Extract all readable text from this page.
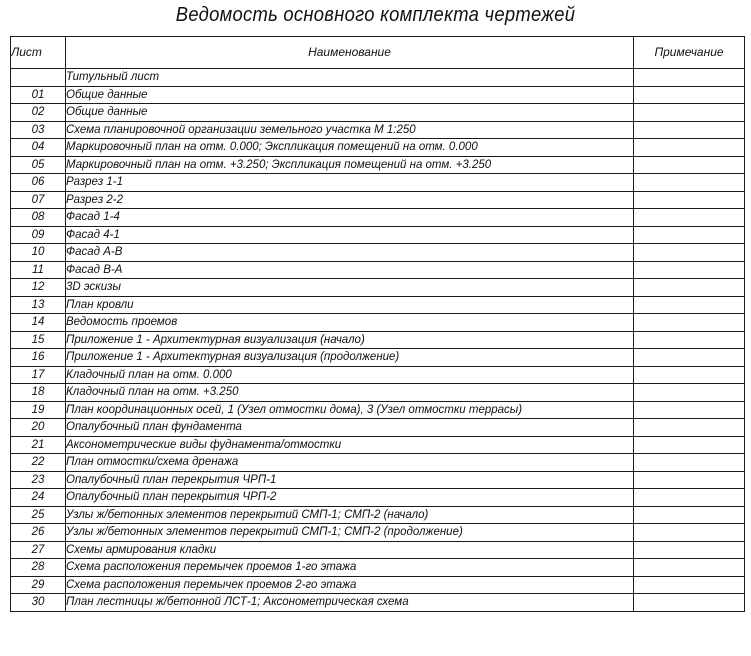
Ведомость основного комплекта чертежей
Лист	Наименование	Примечание
	Титульный лист	
01	Общие данные	
02	Общие данные	
03	Схема планировочной организации земельного участка М 1:250	
04	Маркировочный план на отм. 0.000; Экспликация помещений на отм. 0.000	
05	Маркировочный план на отм. +3.250; Экспликация помещений на отм. +3.250	
06	Разрез 1-1	
07	Разрез 2-2	
08	Фасад 1-4	
09	Фасад 4-1	
10	Фасад А-В	
11	Фасад В-А	
12	3D эскизы	
13	План кровли	
14	Ведомость проемов	
15	Приложение 1 - Архитектурная визуализация (начало)	
16	Приложение 1 - Архитектурная визуализация (продолжение)	
17	Кладочный план на отм. 0.000	
18	Кладочный план на отм. +3.250	
19	План координационных осей, 1 (Узел отмостки дома), 3 (Узел отмостки террасы)	
20	Опалубочный план фундамента	
21	Аксонометрические виды фуднамента/отмостки	
22	План отмостки/схема дренажа	
23	Опалубочный план перекрытия ЧРП-1	
24	Опалубочный план перекрытия ЧРП-2	
25	Узлы ж/бетонных элементов перекрытий СМП-1; СМП-2 (начало)	
26	Узлы ж/бетонных элементов перекрытий СМП-1; СМП-2 (продолжение)	
27	Схемы армирования кладки	
28	Схема расположения перемычек проемов 1-го этажа	
29	Схема расположения перемычек проемов 2-го этажа	
30	План лестницы ж/бетонной ЛСТ-1; Аксонометрическая схема	
